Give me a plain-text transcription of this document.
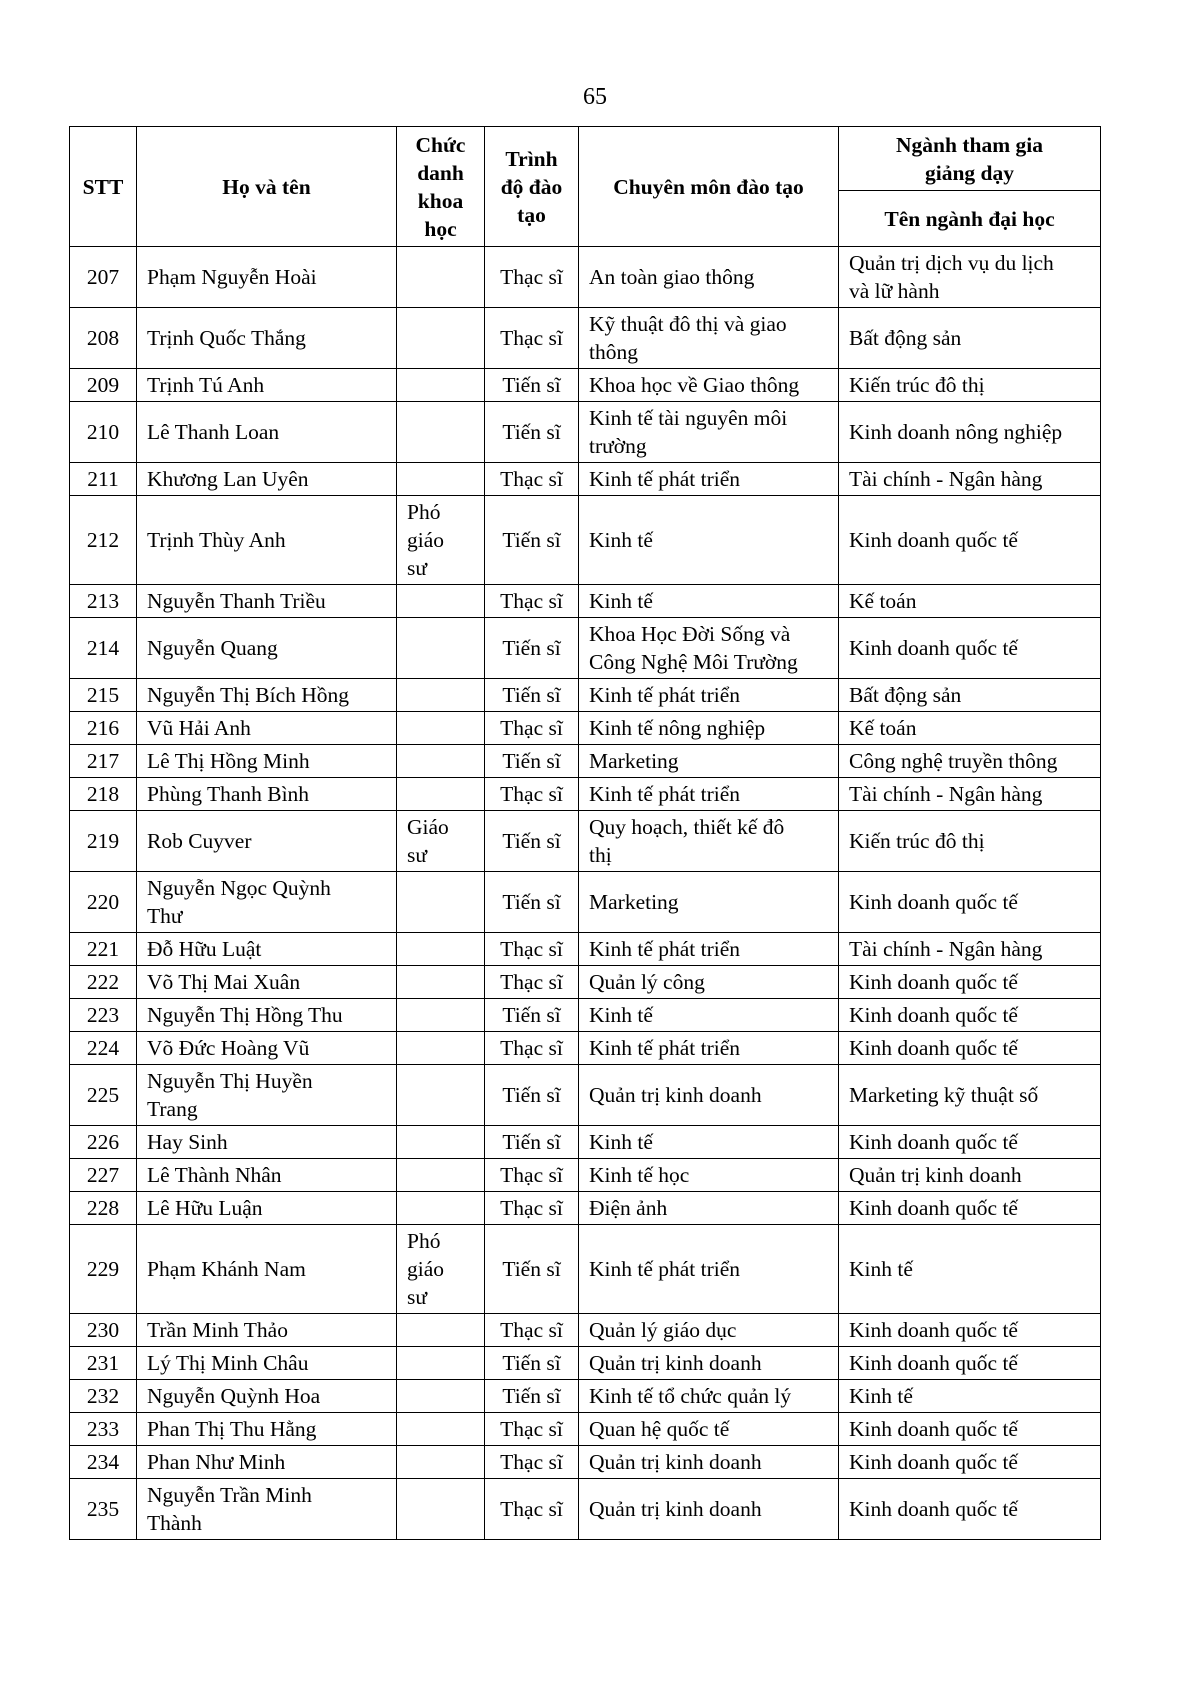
65
STT	Họ và tên	Chức
danh
khoa
học	Trình
độ đào
tạo	Chuyên môn đào tạo	Ngành tham gia
giảng dạy
					Tên ngành đại học
207	Phạm Nguyễn Hoài		Thạc sĩ	An toàn giao thông	Quản trị dịch vụ du lịch
và lữ hành
208	Trịnh Quốc Thắng		Thạc sĩ	Kỹ thuật đô thị và giao
thông	Bất động sản
209	Trịnh Tú Anh		Tiến sĩ	Khoa học về Giao thông	Kiến trúc đô thị
210	Lê Thanh Loan		Tiến sĩ	Kinh tế tài nguyên môi
trường	Kinh doanh nông nghiệp
211	Khương Lan Uyên		Thạc sĩ	Kinh tế phát triển	Tài chính - Ngân hàng
212	Trịnh Thùy Anh	Phó
giáo
sư	Tiến sĩ	Kinh tế	Kinh doanh quốc tế
213	Nguyễn Thanh Triều		Thạc sĩ	Kinh tế	Kế toán
214	Nguyễn Quang		Tiến sĩ	Khoa Học Đời Sống và
Công Nghệ Môi Trường	Kinh doanh quốc tế
215	Nguyễn Thị Bích Hồng		Tiến sĩ	Kinh tế phát triển	Bất động sản
216	Vũ Hải Anh		Thạc sĩ	Kinh tế nông nghiệp	Kế toán
217	Lê Thị Hồng Minh		Tiến sĩ	Marketing	Công nghệ truyền thông
218	Phùng Thanh Bình		Thạc sĩ	Kinh tế phát triển	Tài chính - Ngân hàng
219	Rob Cuyver	Giáo
sư	Tiến sĩ	Quy hoạch, thiết kế đô
thị	Kiến trúc đô thị
220	Nguyễn Ngọc Quỳnh
Thư		Tiến sĩ	Marketing	Kinh doanh quốc tế
221	Đỗ Hữu Luật		Thạc sĩ	Kinh tế phát triển	Tài chính - Ngân hàng
222	Võ Thị Mai Xuân		Thạc sĩ	Quản lý công	Kinh doanh quốc tế
223	Nguyễn Thị Hồng Thu		Tiến sĩ	Kinh tế	Kinh doanh quốc tế
224	Võ Đức Hoàng Vũ		Thạc sĩ	Kinh tế phát triển	Kinh doanh quốc tế
225	Nguyễn Thị Huyền
Trang		Tiến sĩ	Quản trị kinh doanh	Marketing kỹ thuật số
226	Hay Sinh		Tiến sĩ	Kinh tế	Kinh doanh quốc tế
227	Lê Thành Nhân		Thạc sĩ	Kinh tế học	Quản trị kinh doanh
228	Lê Hữu Luận		Thạc sĩ	Điện ảnh	Kinh doanh quốc tế
229	Phạm Khánh Nam	Phó
giáo
sư	Tiến sĩ	Kinh tế phát triển	Kinh tế
230	Trần Minh Thảo		Thạc sĩ	Quản lý giáo dục	Kinh doanh quốc tế
231	Lý Thị Minh Châu		Tiến sĩ	Quản trị kinh doanh	Kinh doanh quốc tế
232	Nguyễn Quỳnh Hoa		Tiến sĩ	Kinh tế tổ chức quản lý	Kinh tế
233	Phan Thị Thu Hằng		Thạc sĩ	Quan hệ quốc tế	Kinh doanh quốc tế
234	Phan Như Minh		Thạc sĩ	Quản trị kinh doanh	Kinh doanh quốc tế
235	Nguyễn Trần Minh
Thành		Thạc sĩ	Quản trị kinh doanh	Kinh doanh quốc tế
